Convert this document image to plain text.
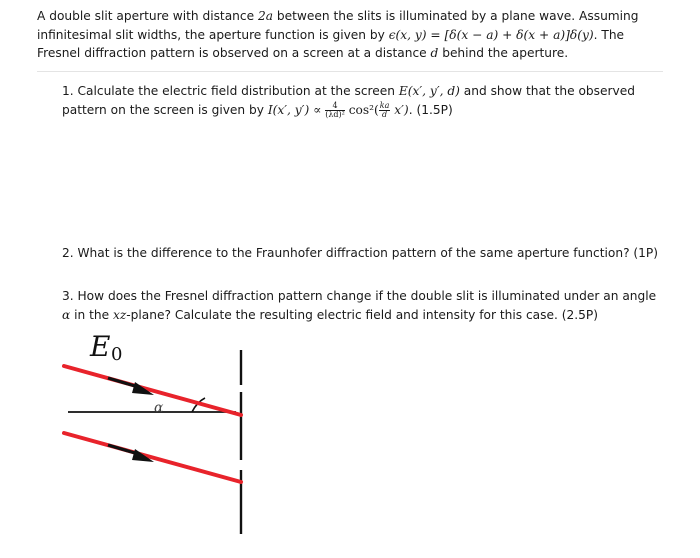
A double slit aperture with distance 2a between the slits is illuminated by a plane wave. Assuming infinitesimal slit widths, the aperture function is given by ϵ(x, y) = [δ(x − a) + δ(x + a)]δ(y). The Fresnel diffraction pattern is observed on a screen at a distance d behind the aperture.
1. Calculate the electric field distribution at the screen E(x′, y′, d) and show that the observed pattern on the screen is given by I(x′, $y') \propto \frac{4}{\text{(λd)²}} \cos^2( \frac{ka}{d} x')$. (1.5P)
2. What is the difference to the Fraunhofer diffraction pattern of the same aperture function? (1P)
3. How does the Fresnel diffraction pattern change if the double slit is illuminated under an angle α in the xz-plane? Calculate the resulting electric field and intensity for this case. (2.5P)
E 0
α
